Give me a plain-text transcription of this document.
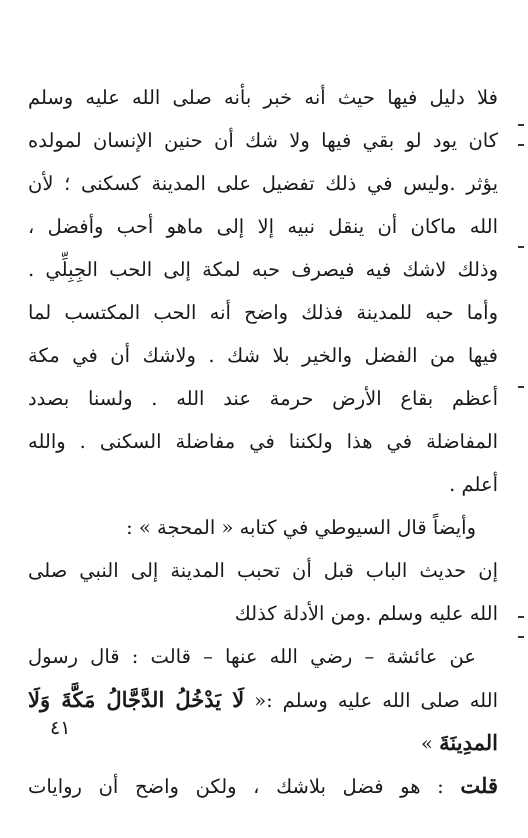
فلا دليل فيها حيث أنه خبر بأنه صلى الله عليه وسلم
كان يود لو بقي فيها ولا شك أن حنين الإنسان لمولده
يؤثر .وليس في ذلك تفضيل على المدينة كسكنى ؛ لأن
الله ماكان أن ينقل نبيه إلا إلى ماهو أحب وأفضل ،
وذلك لاشك فيه فيصرف حبه لمكة إلى الحب الجِبِلِّي .
وأما حبه للمدينة فذلك واضح أنه الحب المكتسب لما
فيها من الفضل والخير بلا شك . ولاشك أن في مكة
أعظم بقاع الأرض حرمة عند الله . ولسنا بصدد
المفاضلة في هذا ولكننا في مفاضلة السكنى . والله
أعلم .
وأيضاً قال السيوطي في كتابه « المحجة » :
إن حديث الباب قبل أن تحبب المدينة إلى النبي صلى
الله عليه وسلم .ومن الأدلة كذلك
عن عائشة – رضي الله عنها – قالت : قال رسول
الله صلى الله عليه وسلم :« لَا يَدْخُلُ الدَّجَّالُ مَكَّةَ وَلَا
المدِينَةَ »
قلت : هو فضل بلاشك ، ولكن واضح أن روايات
٤١
